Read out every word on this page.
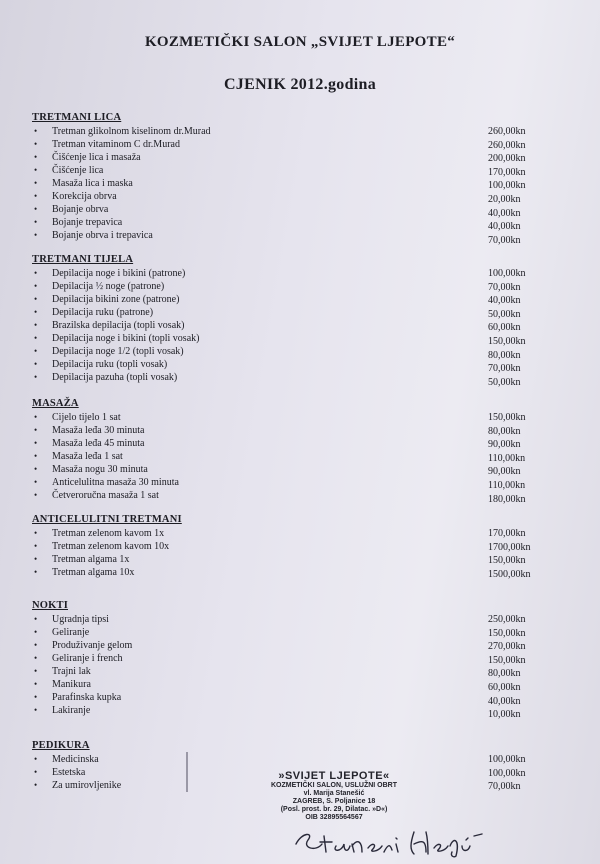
KOZMETIČKI SALON „SVIJET LJEPOTE“
CJENIK 2012.godina
TRETMANI LICA
• Tretman glikolnom kiselinom dr.Murad	260,00kn
• Tretman vitaminom C dr.Murad	260,00kn
• Čišćenje lica i masaža	200,00kn
• Čišćenje lica	170,00kn
• Masaža lica i maska	100,00kn
• Korekcija obrva	20,00kn
• Bojanje obrva	40,00kn
• Bojanje trepavica	40,00kn
• Bojanje obrva i trepavica	70,00kn
TRETMANI TIJELA
• Depilacija noge i bikini (patrone)	100,00kn
• Depilacija ½ noge (patrone)	70,00kn
• Depilacija bikini zone (patrone)	40,00kn
• Depilacija ruku (patrone)	50,00kn
• Brazilska depilacija (topli vosak)	60,00kn
• Depilacija noge i bikini (topli vosak)	150,00kn
• Depilacija noge 1/2 (topli vosak)	80,00kn
• Depilacija ruku (topli vosak)	70,00kn
• Depilacija pazuha (topli vosak)	50,00kn
MASAŽA
• Cijelo tijelo 1 sat	150,00kn
• Masaža leđa 30 minuta	80,00kn
• Masaža leđa 45 minuta	90,00kn
• Masaža leđa 1 sat	110,00kn
• Masaža nogu 30 minuta	90,00kn
• Anticelulitna masaža 30 minuta	110,00kn
• Četveroručna masaža 1 sat	180,00kn
ANTICELULITNI TRETMANI
• Tretman zelenom kavom 1x	170,00kn
• Tretman zelenom kavom 10x	1700,00kn
• Tretman algama 1x	150,00kn
• Tretman algama 10x	1500,00kn
NOKTI
• Ugradnja tipsi	250,00kn
• Geliranje	150,00kn
• Produživanje gelom	270,00kn
• Geliranje i french	150,00kn
• Trajni lak	80,00kn
• Manikura	60,00kn
• Parafinska kupka	40,00kn
• Lakiranje	10,00kn
PEDIKURA
• Medicinska	100,00kn
• Estetska	100,00kn
• Za umirovljenike	70,00kn
»SVIJET LJEPOTE«
KOZMETIČKI SALON, USLUŽNI OBRT
vl. Marija Stanešić
ZAGREB, S. Poljanice 18
(Posl. prost. br. 29, Dilatac. »D«)
OIB 32895564567
